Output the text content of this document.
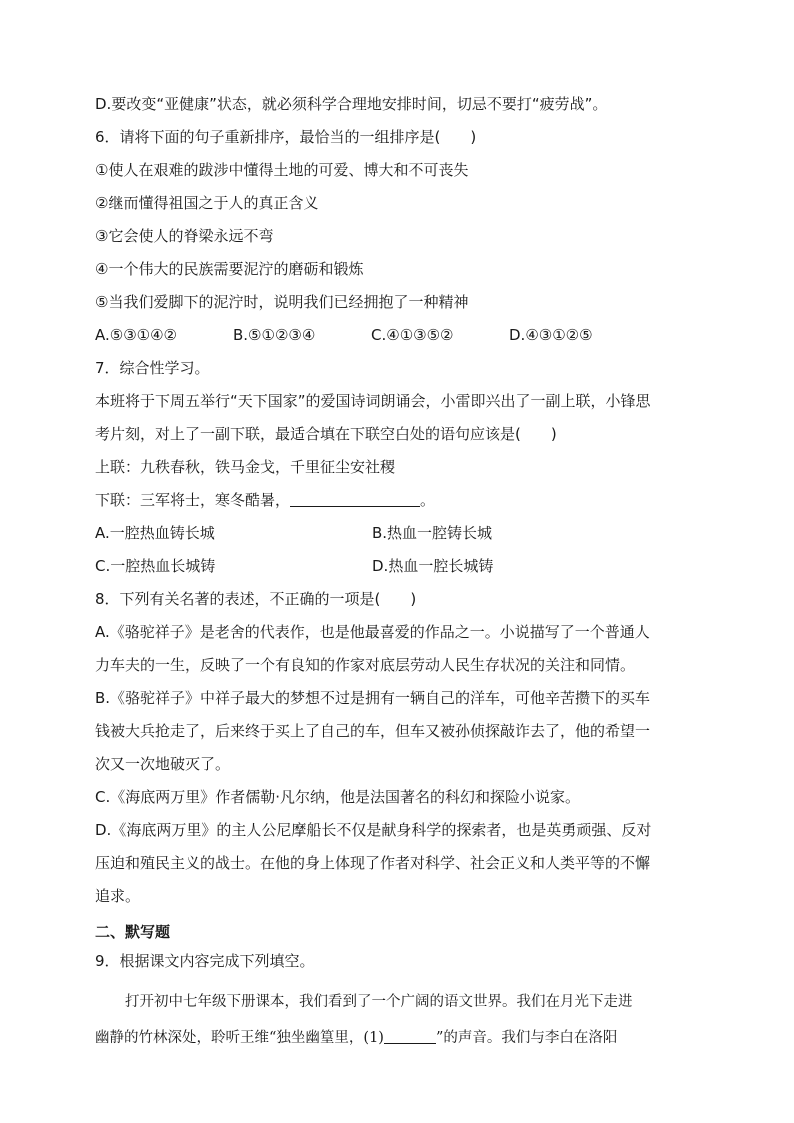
D.要改变“亚健康”状态，就必须科学合理地安排时间，切忌不要打“疲劳战”。
6．请将下面的句子重新排序，最恰当的一组排序是(　　)
①使人在艰难的跋涉中懂得土地的可爱、博大和不可丧失
②继而懂得祖国之于人的真正含义
③它会使人的脊梁永远不弯
④一个伟大的民族需要泥泞的磨砺和锻炼
⑤当我们爱脚下的泥泞时，说明我们已经拥抱了一种精神
A.⑤③①④②	B.⑤①②③④	C.④①③⑤②	D.④③①②⑤
7．综合性学习。
本班将于下周五举行“天下国家”的爱国诗词朗诵会，小雷即兴出了一副上联，小锋思
考片刻，对上了一副下联，最适合填在下联空白处的语句应该是(　　)
上联：九秩春秋，铁马金戈，千里征尘安社稷
下联：三军将士，寒冬酷暑，	。
A.一腔热血铸长城	B.热血一腔铸长城
C.一腔热血长城铸	D.热血一腔长城铸
8．下列有关名著的表述，不正确的一项是(　　)
A.《骆驼祥子》是老舍的代表作，也是他最喜爱的作品之一。小说描写了一个普通人
力车夫的一生，反映了一个有良知的作家对底层劳动人民生存状况的关注和同情。
B.《骆驼祥子》中祥子最大的梦想不过是拥有一辆自己的洋车，可他辛苦攒下的买车
钱被大兵抢走了，后来终于买上了自己的车，但车又被孙侦探敲诈去了，他的希望一
次又一次地破灭了。
C.《海底两万里》作者儒勒·凡尔纳，他是法国著名的科幻和探险小说家。
D.《海底两万里》的主人公尼摩船长不仅是献身科学的探索者，也是英勇顽强、反对
压迫和殖民主义的战士。在他的身上体现了作者对科学、社会正义和人类平等的不懈
追求。
二、默写题
9．根据课文内容完成下列填空。
打开初中七年级下册课本，我们看到了一个广阔的语文世界。我们在月光下走进
幽静的竹林深处，聆听王维“独坐幽篁里，(1)	”的声音。我们与李白在洛阳
